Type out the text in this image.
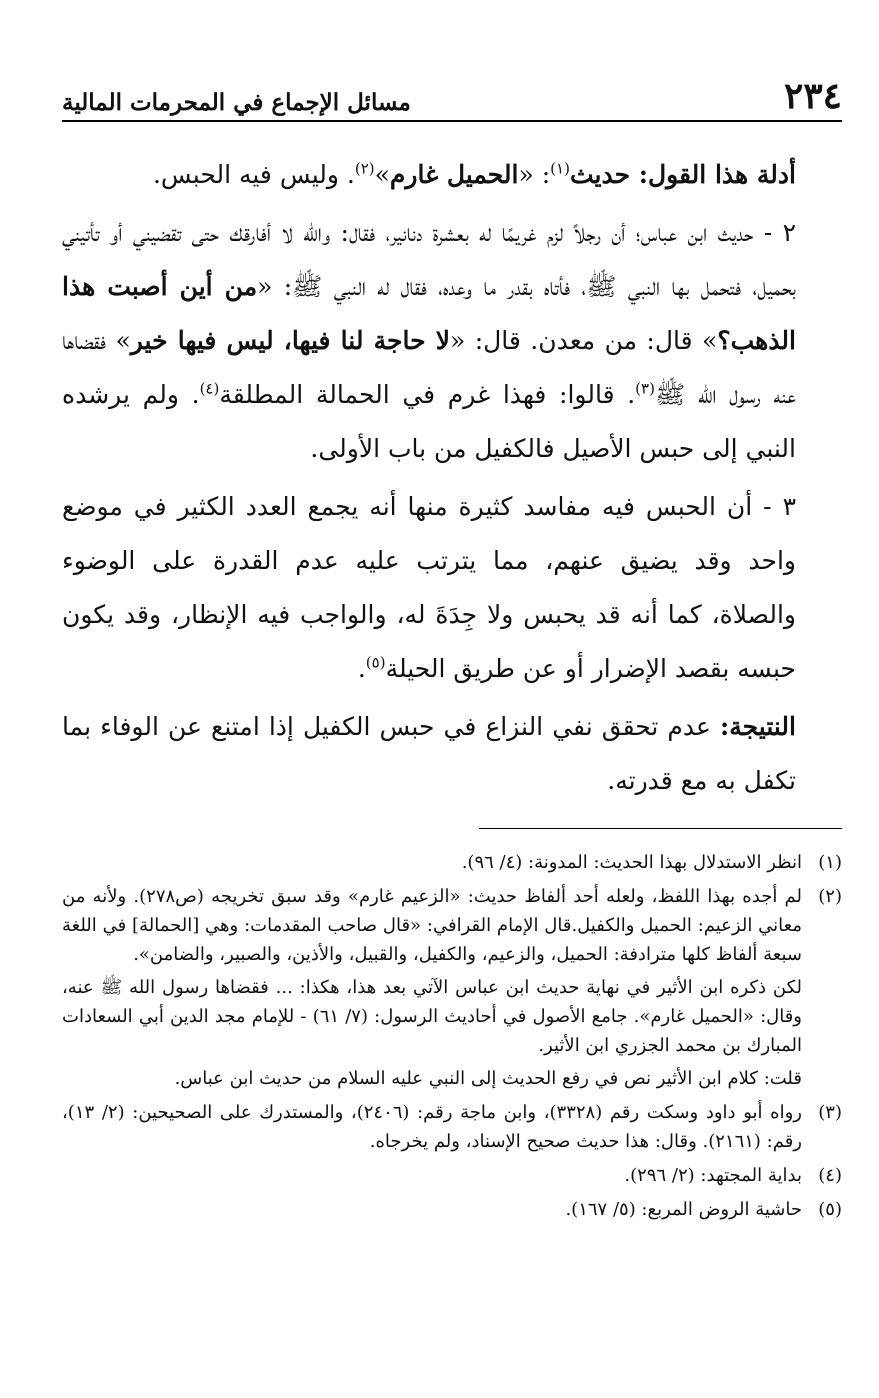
٢٣٤
مسائل الإجماع في المحرمات المالية

أدلة هذا القول: حديث$^{(١)}$: «الحميل غارم»$^{(٢)}$. وليس فيه الحبس.

٢ - حديث ابن عباس؛ أن رجلاً لزم غريمًا له بعشرة دنانير، فقال: والله لا أفارقك حتى تقضيني أو تأتيني بحميل، فتحمل بها النبي ﷺ، فأتاه بقدر ما وعده، فقال له النبي ﷺ: «من أين أصبت هذا الذهب؟» قال: من معدن. قال: «لا حاجة لنا فيها، ليس فيها خير» فقضاها عنه رسول الله ﷺ$^{(٣)}$. قالوا: فهذا غرم في الحمالة المطلقة$^{(٤)}$. ولم يرشده النبي إلى حبس الأصيل فالكفيل من باب الأولى.

٣ - أن الحبس فيه مفاسد كثيرة منها أنه يجمع العدد الكثير في موضع واحد وقد يضيق عنهم، مما يترتب عليه عدم القدرة على الوضوء والصلاة، كما أنه قد يحبس ولا جِدَةَ له، والواجب فيه الإنظار، وقد يكون حبسه بقصد الإضرار أو عن طريق الحيلة$^{(٥)}$.

النتيجة: عدم تحقق نفي النزاع في حبس الكفيل إذا امتنع عن الوفاء بما تكفل به مع قدرته.

(١)
انظر الاستدلال بهذا الحديث: المدونة: (٤/ ٩٦).
(٢)
لم أجده بهذا اللفظ، ولعله أحد ألفاظ حديث: «الزعيم غارم» وقد سبق تخريجه (ص٢٧٨). ولأنه من معاني الزعيم: الحميل والكفيل.قال الإمام القرافي: «قال صاحب المقدمات: وهي [الحمالة] في اللغة سبعة ألفاظ كلها مترادفة: الحميل، والزعيم، والكفيل، والقبيل، والأذين، والصبير، والضامن».
لكن ذكره ابن الأثير في نهاية حديث ابن عباس الآتي بعد هذا، هكذا: ... فقضاها رسول الله ﷺ عنه، وقال: «الحميل غارم». جامع الأصول في أحاديث الرسول: (٧/ ٦١) - للإمام مجد الدين أبي السعادات المبارك بن محمد الجزري ابن الأثير.
قلت: كلام ابن الأثير نص في رفع الحديث إلى النبي عليه السلام من حديث ابن عباس.
(٣)
رواه أبو داود وسكت رقم (٣٣٢٨)، وابن ماجة رقم: (٢٤٠٦)، والمستدرك على الصحيحين: (٢/ ١٣)، رقم: (٢١٦١). وقال: هذا حديث صحيح الإسناد، ولم يخرجاه.
(٤)
بداية المجتهد: (٢/ ٢٩٦).
(٥)
حاشية الروض المربع: (٥/ ١٦٧).
